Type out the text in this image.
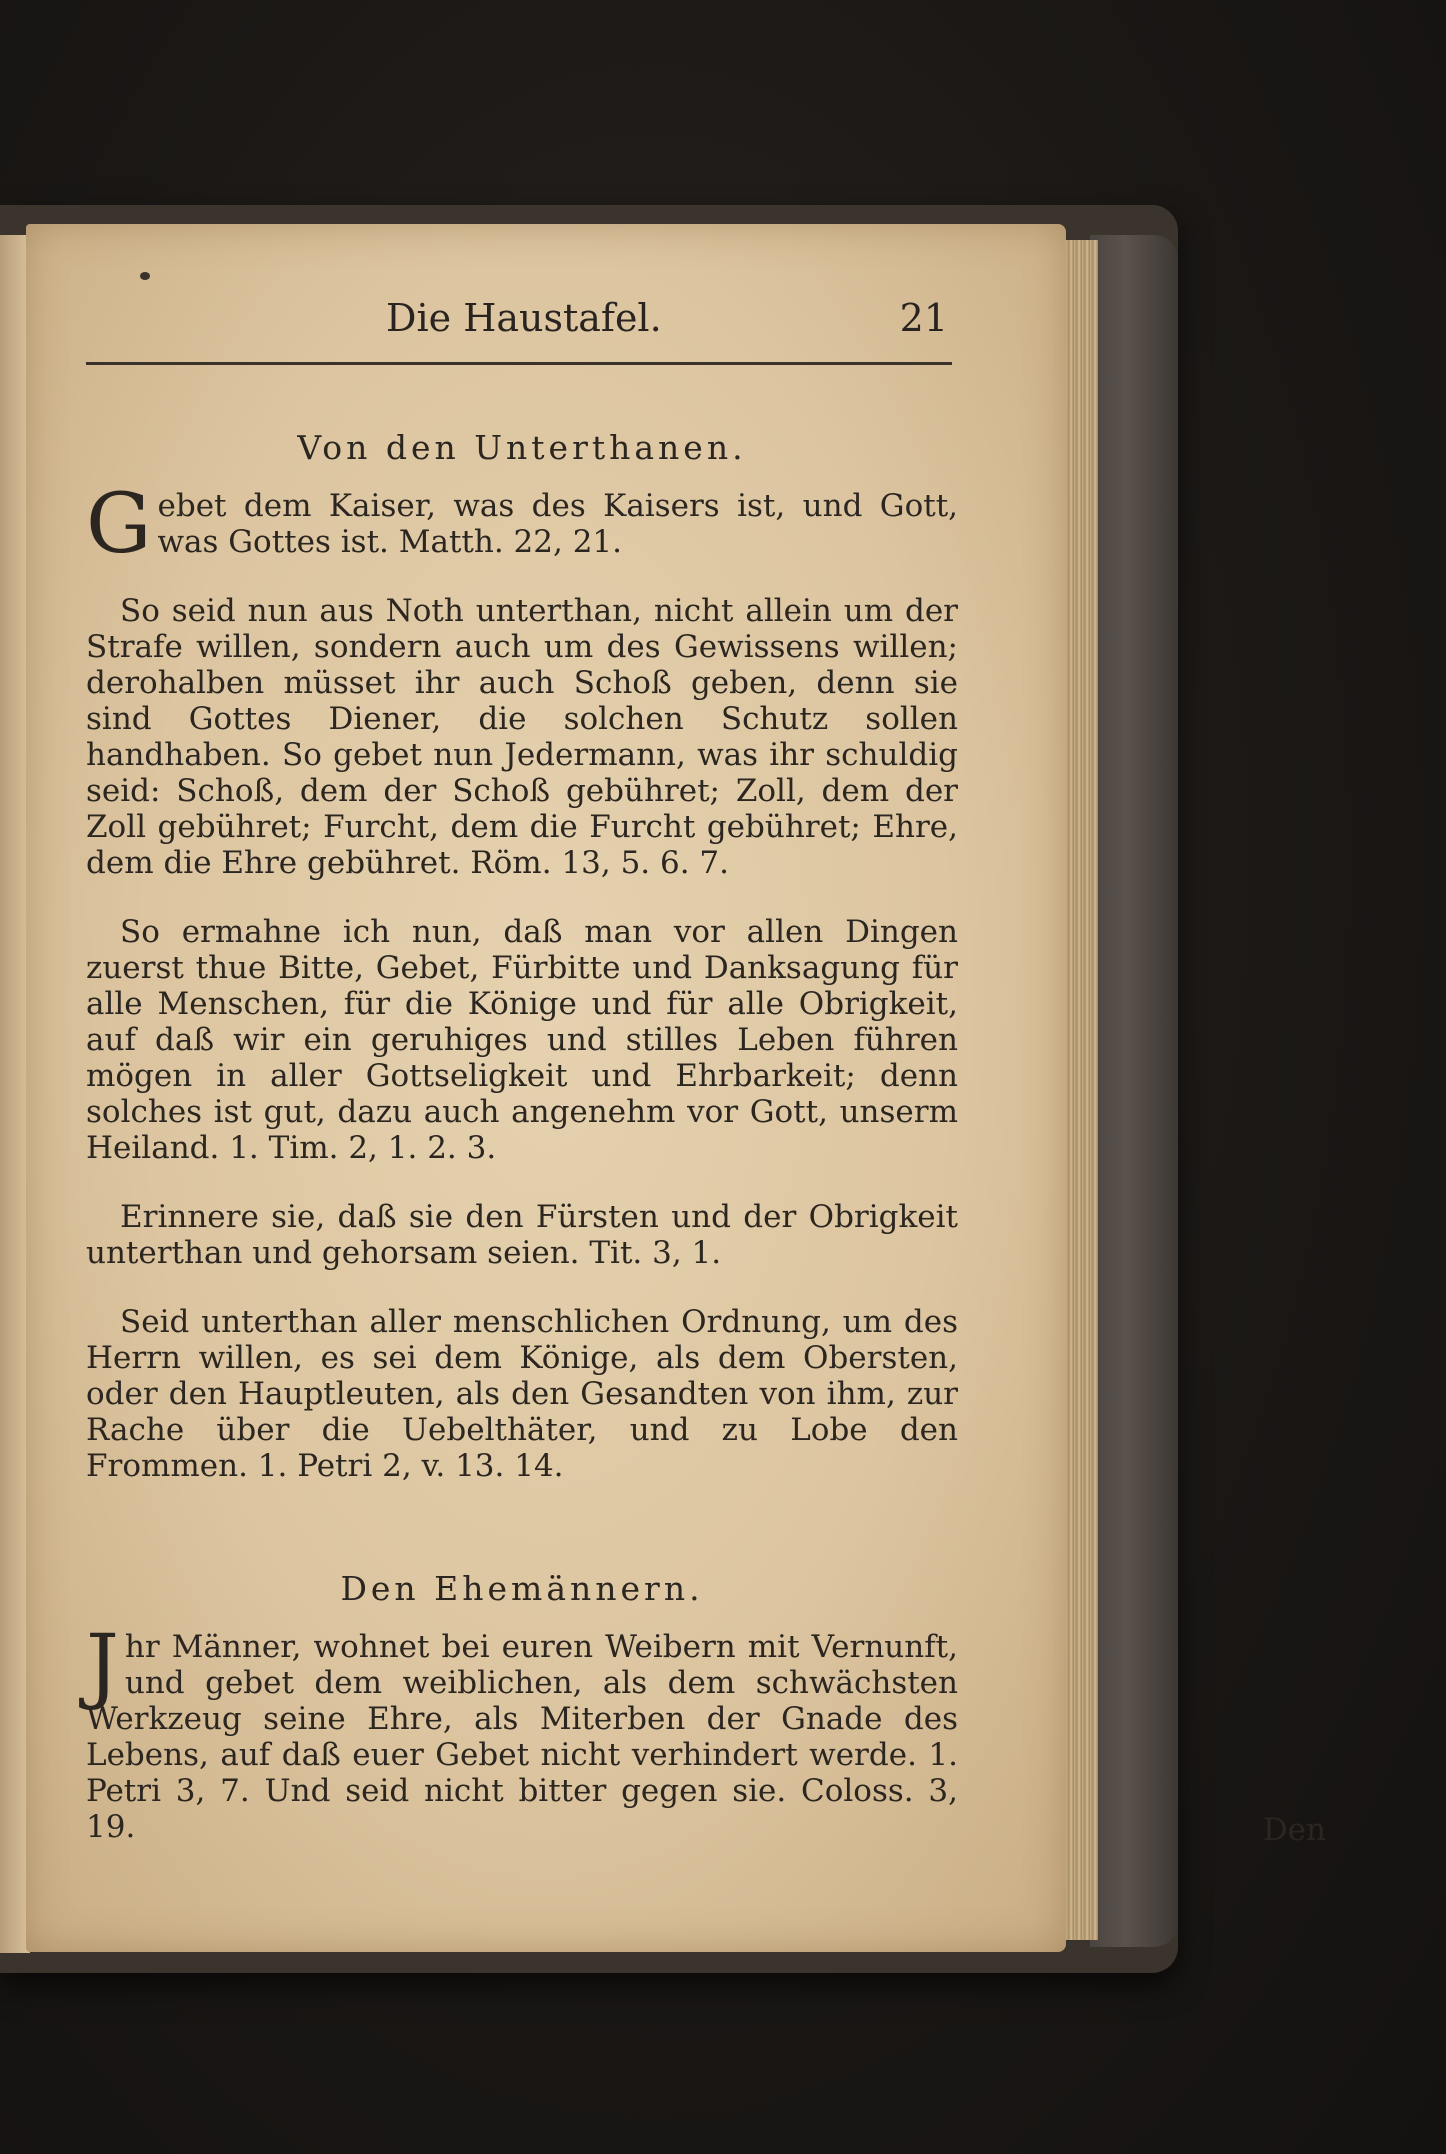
Die Haustafel.	21
Von den Unterthanen.

Gebet dem Kaiser, was des Kaisers ist, und Gott, was Gottes ist. Matth. 22, 21.

So seid nun aus Noth unterthan, nicht allein um der Strafe willen, sondern auch um des Gewissens willen; derohalben müsset ihr auch Schoß geben, denn sie sind Gottes Diener, die solchen Schutz sollen handhaben. So gebet nun Jedermann, was ihr schuldig seid: Schoß, dem der Schoß gebühret; Zoll, dem der Zoll gebühret; Furcht, dem die Furcht gebühret; Ehre, dem die Ehre gebühret. Röm. 13, 5. 6. 7.

So ermahne ich nun, daß man vor allen Dingen zuerst thue Bitte, Gebet, Fürbitte und Danksagung für alle Menschen, für die Könige und für alle Obrigkeit, auf daß wir ein geruhiges und stilles Leben führen mögen in aller Gottseligkeit und Ehrbarkeit; denn solches ist gut, dazu auch angenehm vor Gott, unserm Heiland. 1. Tim. 2, 1. 2. 3.

Erinnere sie, daß sie den Fürsten und der Obrigkeit unterthan und gehorsam seien. Tit. 3, 1.

Seid unterthan aller menschlichen Ordnung, um des Herrn willen, es sei dem Könige, als dem Obersten, oder den Hauptleuten, als den Gesandten von ihm, zur Rache über die Uebelthäter, und zu Lobe den Frommen. 1. Petri 2, v. 13. 14.

Den Ehemännern.

Jhr Männer, wohnet bei euren Weibern mit Vernunft, und gebet dem weiblichen, als dem schwächsten Werkzeug seine Ehre, als Miterben der Gnade des Lebens, auf daß euer Gebet nicht verhindert werde. 1. Petri 3, 7. Und seid nicht bitter gegen sie. Coloss. 3, 19.	Den
